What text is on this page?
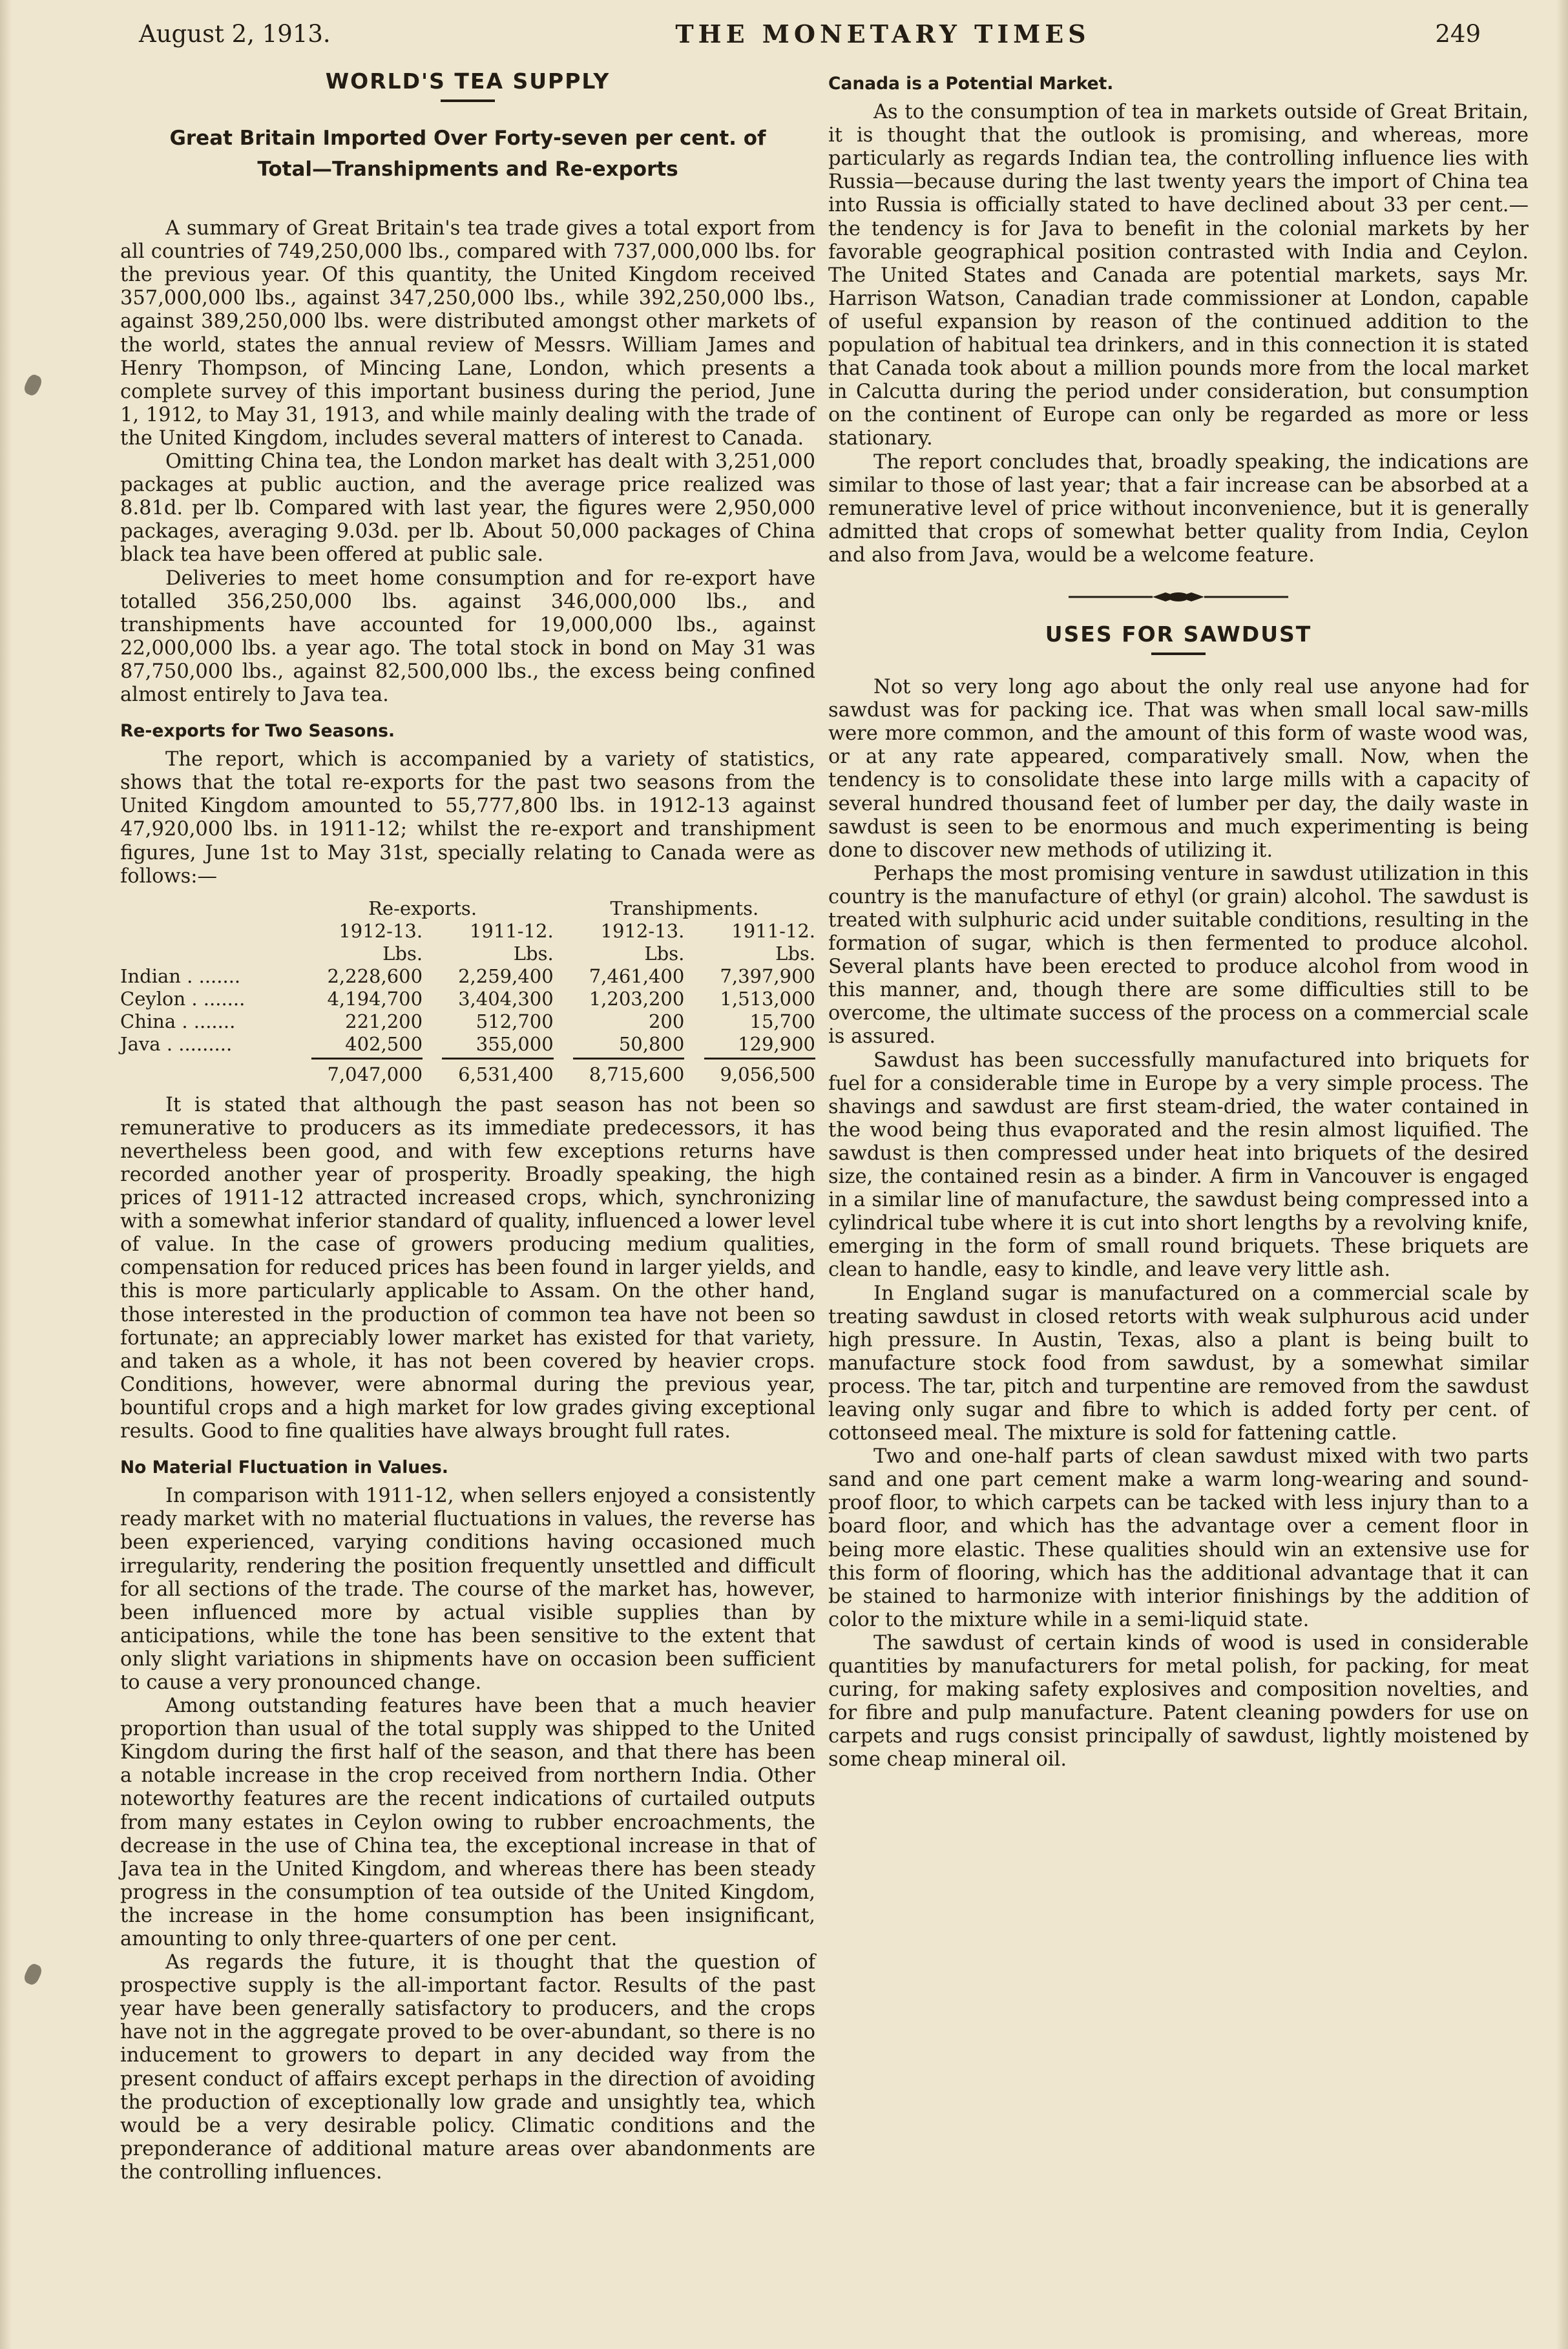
August 2, 1913.	THE MONETARY TIMES	249
WORLD'S TEA SUPPLY
Great Britain Imported Over Forty-seven per cent. of Total—Transhipments and Re-exports

A summary of Great Britain's tea trade gives a total export from all countries of 749,250,000 lbs., compared with 737,000,000 lbs. for the previous year. Of this quantity, the United Kingdom received 357,000,000 lbs., against 347,250,000 lbs., while 392,250,000 lbs., against 389,250,000 lbs. were distributed amongst other markets of the world, states the annual review of Messrs. William James and Henry Thompson, of Mincing Lane, London, which presents a complete survey of this important business during the period, June 1, 1912, to May 31, 1913, and while mainly dealing with the trade of the United Kingdom, includes several matters of interest to Canada.

Omitting China tea, the London market has dealt with 3,251,000 packages at public auction, and the average price realized was 8.81d. per lb. Compared with last year, the figures were 2,950,000 packages, averaging 9.03d. per lb. About 50,000 packages of China black tea have been offered at public sale.

Deliveries to meet home consumption and for re-export have totalled 356,250,000 lbs. against 346,000,000 lbs., and transhipments have accounted for 19,000,000 lbs., against 22,000,000 lbs. a year ago. The total stock in bond on May 31 was 87,750,000 lbs., against 82,500,000 lbs., the excess being confined almost entirely to Java tea.

Re-exports for Two Seasons.

The report, which is accompanied by a variety of statistics, shows that the total re-exports for the past two seasons from the United Kingdom amounted to 55,777,800 lbs. in 1912-13 against 47,920,000 lbs. in 1911-12; whilst the re-export and transhipment figures, June 1st to May 31st, specially relating to Canada were as follows:—

	Re-exports.		Transhipments.	
	1912-13.	1911-12.	1912-13.	1911-12.
	Lbs.	Lbs.	Lbs.	Lbs.
Indian . .......	2,228,600	2,259,400	7,461,400	7,397,900
Ceylon . .......	4,194,700	3,404,300	1,203,200	1,513,000
China . .......	221,200	512,700	200	15,700
Java . .........	402,500	355,000	50,800	129,900
	7,047,000	6,531,400	8,715,600	9,056,500

It is stated that although the past season has not been so remunerative to producers as its immediate predecessors, it has nevertheless been good, and with few exceptions returns have recorded another year of prosperity. Broadly speaking, the high prices of 1911-12 attracted increased crops, which, synchronizing with a somewhat inferior standard of quality, influenced a lower level of value. In the case of growers producing medium qualities, compensation for reduced prices has been found in larger yields, and this is more particularly applicable to Assam. On the other hand, those interested in the production of common tea have not been so fortunate; an appreciably lower market has existed for that variety, and taken as a whole, it has not been covered by heavier crops. Conditions, however, were abnormal during the previous year, bountiful crops and a high market for low grades giving exceptional results. Good to fine qualities have always brought full rates.

No Material Fluctuation in Values.

In comparison with 1911-12, when sellers enjoyed a consistently ready market with no material fluctuations in values, the reverse has been experienced, varying conditions having occasioned much irregularity, rendering the position frequently unsettled and difficult for all sections of the trade. The course of the market has, however, been influenced more by actual visible supplies than by anticipations, while the tone has been sensitive to the extent that only slight variations in shipments have on occasion been sufficient to cause a very pronounced change.

Among outstanding features have been that a much heavier proportion than usual of the total supply was shipped to the United Kingdom during the first half of the season, and that there has been a notable increase in the crop received from northern India. Other noteworthy features are the recent indications of curtailed outputs from many estates in Ceylon owing to rubber encroachments, the decrease in the use of China tea, the exceptional increase in that of Java tea in the United Kingdom, and whereas there has been steady progress in the consumption of tea outside of the United Kingdom, the increase in the home consumption has been insignificant, amounting to only three-quarters of one per cent.

As regards the future, it is thought that the question of prospective supply is the all-important factor. Results of the past year have been generally satisfactory to producers, and the crops have not in the aggregate proved to be over-abundant, so there is no inducement to growers to depart in any decided way from the present conduct of affairs except perhaps in the direction of avoiding the production of exceptionally low grade and unsightly tea, which would be a very desirable policy. Climatic conditions and the preponderance of additional mature areas over abandonments are the controlling influences.

Canada is a Potential Market.

As to the consumption of tea in markets outside of Great Britain, it is thought that the outlook is promising, and whereas, more particularly as regards Indian tea, the controlling influence lies with Russia—because during the last twenty years the import of China tea into Russia is officially stated to have declined about 33 per cent.—the tendency is for Java to benefit in the colonial markets by her favorable geographical position contrasted with India and Ceylon. The United States and Canada are potential markets, says Mr. Harrison Watson, Canadian trade commissioner at London, capable of useful expansion by reason of the continued addition to the population of habitual tea drinkers, and in this connection it is stated that Canada took about a million pounds more from the local market in Calcutta during the period under consideration, but consumption on the continent of Europe can only be regarded as more or less stationary.

The report concludes that, broadly speaking, the indications are similar to those of last year; that a fair increase can be absorbed at a remunerative level of price without inconvenience, but it is generally admitted that crops of somewhat better quality from India, Ceylon and also from Java, would be a welcome feature.

USES FOR SAWDUST

Not so very long ago about the only real use anyone had for sawdust was for packing ice. That was when small local saw-mills were more common, and the amount of this form of waste wood was, or at any rate appeared, comparatively small. Now, when the tendency is to consolidate these into large mills with a capacity of several hundred thousand feet of lumber per day, the daily waste in sawdust is seen to be enormous and much experimenting is being done to discover new methods of utilizing it.

Perhaps the most promising venture in sawdust utilization in this country is the manufacture of ethyl (or grain) alcohol. The sawdust is treated with sulphuric acid under suitable conditions, resulting in the formation of sugar, which is then fermented to produce alcohol. Several plants have been erected to produce alcohol from wood in this manner, and, though there are some difficulties still to be overcome, the ultimate success of the process on a commercial scale is assured.

Sawdust has been successfully manufactured into briquets for fuel for a considerable time in Europe by a very simple process. The shavings and sawdust are first steam-dried, the water contained in the wood being thus evaporated and the resin almost liquified. The sawdust is then compressed under heat into briquets of the desired size, the contained resin as a binder. A firm in Vancouver is engaged in a similar line of manufacture, the sawdust being compressed into a cylindrical tube where it is cut into short lengths by a revolving knife, emerging in the form of small round briquets. These briquets are clean to handle, easy to kindle, and leave very little ash.

In England sugar is manufactured on a commercial scale by treating sawdust in closed retorts with weak sulphurous acid under high pressure. In Austin, Texas, also a plant is being built to manufacture stock food from sawdust, by a somewhat similar process. The tar, pitch and turpentine are removed from the sawdust leaving only sugar and fibre to which is added forty per cent. of cottonseed meal. The mixture is sold for fattening cattle.

Two and one-half parts of clean sawdust mixed with two parts sand and one part cement make a warm long-wearing and sound-proof floor, to which carpets can be tacked with less injury than to a board floor, and which has the advantage over a cement floor in being more elastic. These qualities should win an extensive use for this form of flooring, which has the additional advantage that it can be stained to harmonize with interior finishings by the addition of color to the mixture while in a semi-liquid state.

The sawdust of certain kinds of wood is used in considerable quantities by manufacturers for metal polish, for packing, for meat curing, for making safety explosives and composition novelties, and for fibre and pulp manufacture. Patent cleaning powders for use on carpets and rugs consist principally of sawdust, lightly moistened by some cheap mineral oil.
